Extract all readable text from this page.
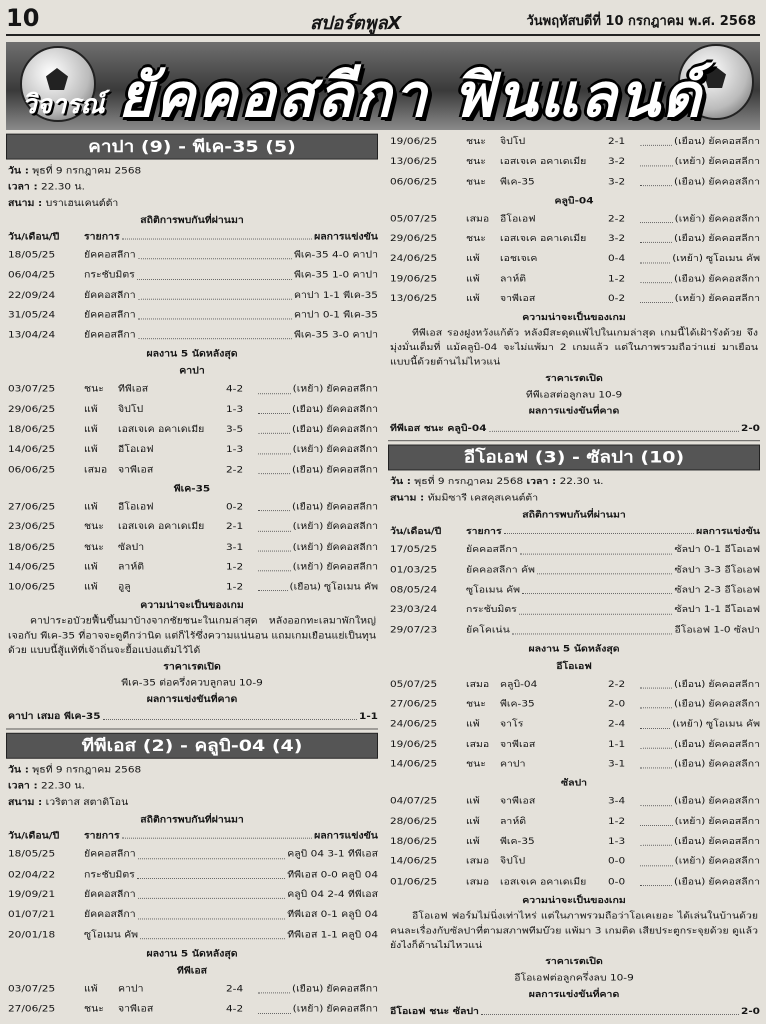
10	สปอร์ตพูลX	วันพฤหัสบดีที่ 10 กรกฎาคม พ.ศ. 2568
วิจารณ์ ยัคคอสลีกา ฟินแลนด์
คาปา (9) - พีเค-35 (5)
วัน : พุธที่ 9 กรกฎาคม 2568
เวลา : 22.30 น.
สนาม : บราเฮนเคนต์ต้า
สถิติการพบกันที่ผ่านมา
วัน/เดือน/ปี	รายการ	ผลการแข่งขัน
18/05/25	ยัคคอสลีกา	พีเค-35 4-0 คาปา
06/04/25	กระชับมิตร	พีเค-35 1-0 คาปา
22/09/24	ยัคคอสลีกา	คาปา 1-1 พีเค-35
31/05/24	ยัคคอสลีกา	คาปา 0-1 พีเค-35
13/04/24	ยัคคอสลีกา	พีเค-35 3-0 คาปา
ผลงาน 5 นัดหลังสุด
คาปา
03/07/25	ชนะ	ทีพีเอส	4-2	(เหย้า) ยัคคอสลีกา
29/06/25	แพ้	จิปโป	1-3	(เยือน) ยัคคอสลีกา
18/06/25	แพ้	เอสเจเค อคาเดเมีย	3-5	(เยือน) ยัคคอสลีกา
14/06/25	แพ้	อีโอเอฟ	1-3	(เหย้า) ยัคคอสลีกา
06/06/25	เสมอ	จาพีเอส	2-2	(เยือน) ยัคคอสลีกา
พีเค-35
27/06/25	แพ้	อีโอเอฟ	0-2	(เยือน) ยัคคอสลีกา
23/06/25	ชนะ	เอสเจเค อคาเดเมีย	2-1	(เหย้า) ยัคคอสลีกา
18/06/25	ชนะ	ซัลปา	3-1	(เหย้า) ยัคคอสลีกา
14/06/25	แพ้	ลาห์ติ	1-2	(เหย้า) ยัคคอสลีกา
10/06/25	แพ้	อูลู	1-2	(เยือน) ซูโอเมน คัพ
ความน่าจะเป็นของเกม
คาปาระอบัวยฟื้นขึ้นมาบ้างจากชัยชนะในเกมล่าสุด หลังออกทะเลมาพักใหญ่ เจอกับ พีเค-35 ที่อาจจะดูดีกว่านิด แต่ก็ไร้ซึ่งความแน่นอน แถมเกมเยือนแย่เป็นทุนด้วย แบบนี้สู้แท้ที่เจ้าถิ่นจะยื้อแบ่งแต้มไว้ได้
ราคาเรตเปิด
พีเค-35 ต่อครึ่งควบลูกลบ 10-9
ผลการแข่งขันที่คาด
คาปา เสมอ พีเค-35	1-1
ทีพีเอส (2) - คลูบิ-04 (4)
วัน : พุธที่ 9 กรกฎาคม 2568
เวลา : 22.30 น.
สนาม : เวริตาส สตาดิโอน
สถิติการพบกันที่ผ่านมา
วัน/เดือน/ปี	รายการ	ผลการแข่งขัน
18/05/25	ยัคคอสลีกา	คลูบิ 04 3-1 ทีพีเอส
02/04/22	กระชับมิตร	ทีพีเอส 0-0 คลูบิ 04
19/09/21	ยัคคอสลีกา	คลูบิ 04 2-4 ทีพีเอส
01/07/21	ยัคคอสลีกา	ทีพีเอส 0-1 คลูบิ 04
20/01/18	ซูโอเมน คัพ	ทีพีเอส 1-1 คลูบิ 04
ผลงาน 5 นัดหลังสุด
ทีพีเอส
03/07/25	แพ้	คาปา	2-4	(เยือน) ยัคคอสลีกา
27/06/25	ชนะ	จาพีเอส	4-2	(เหย้า) ยัคคอสลีกา
19/06/25	ชนะ	จิปโป	2-1	(เยือน) ยัคคอสลีกา
13/06/25	ชนะ	เอสเจเค อคาเดเมีย	3-2	(เหย้า) ยัคคอสลีกา
06/06/25	ชนะ	พีเค-35	3-2	(เยือน) ยัคคอสลีกา
คลูบิ-04
05/07/25	เสมอ	อีโอเอฟ	2-2	(เหย้า) ยัคคอสลีกา
29/06/25	ชนะ	เอสเจเค อคาเดเมีย	3-2	(เยือน) ยัคคอสลีกา
24/06/25	แพ้	เอชเจเค	0-4	(เหย้า) ซูโอเมน คัพ
19/06/25	แพ้	ลาห์ติ	1-2	(เยือน) ยัคคอสลีกา
13/06/25	แพ้	จาพีเอส	0-2	(เหย้า) ยัคคอสลีกา
ความน่าจะเป็นของเกม
ทีพีเอส รองฝูงหวังแก้ตัว หลังมีสะดุดแพ้ไปในเกมล่าสุด เกมนี้ได้เฝ้ารังด้วย จึงมุ่งมั่นเต็มที่ แม้คลูบิ-04 จะไม่แพ้มา 2 เกมแล้ว แต่ในภาพรวมถือว่าแย่ มาเยือนแบบนี้ด้วยต้านไม่ไหวแน่
ราคาเรตเปิด
ทีพีเอสต่อลูกลบ 10-9
ผลการแข่งขันที่คาด
ทีพีเอส ชนะ คลูบิ-04	2-0
อีโอเอฟ (3) - ซัลปา (10)
วัน : พุธที่ 9 กรกฎาคม 2568 เวลา : 22.30 น.
สนาม : ทัมมิซารี เคสคุสเคนต์ต้า
สถิติการพบกันที่ผ่านมา
วัน/เดือน/ปี	รายการ	ผลการแข่งขัน
17/05/25	ยัคคอสลีกา	ซัลปา 0-1 อีโอเอฟ
01/03/25	ยัคคอสลีกา คัพ	ซัลปา 3-3 อีโอเอฟ
08/05/24	ซูโอเมน คัพ	ซัลปา 2-3 อีโอเอฟ
23/03/24	กระชับมิตร	ซัลปา 1-1 อีโอเอฟ
29/07/23	ยัคโคเน่น	อีโอเอฟ 1-0 ซัลปา
ผลงาน 5 นัดหลังสุด
อีโอเอฟ
05/07/25	เสมอ	คลูบิ-04	2-2	(เยือน) ยัคคอสลีกา
27/06/25	ชนะ	พีเค-35	2-0	(เยือน) ยัคคอสลีกา
24/06/25	แพ้	จาโร	2-4	(เหย้า) ซูโอเมน คัพ
19/06/25	เสมอ	จาพีเอส	1-1	(เยือน) ยัคคอสลีกา
14/06/25	ชนะ	คาปา	3-1	(เยือน) ยัคคอสลีกา
ซัลปา
04/07/25	แพ้	จาพีเอส	3-4	(เยือน) ยัคคอสลีกา
28/06/25	แพ้	ลาห์ติ	1-2	(เหย้า) ยัคคอสลีกา
18/06/25	แพ้	พีเค-35	1-3	(เยือน) ยัคคอสลีกา
14/06/25	เสมอ	จิปโป	0-0	(เหย้า) ยัคคอสลีกา
01/06/25	เสมอ	เอสเจเค อคาเดเมีย	0-0	(เยือน) ยัคคอสลีกา
ความน่าจะเป็นของเกม
อีโอเอฟ ฟอร์มไม่นิ่งเท่าไหร่ แต่ในภาพรวมถือว่าโอเคเยอะ ได้เล่นในบ้านด้วย คนละเรื่องกับซัลปาที่ตามสภาพทีมบ๊วย แพ้มา 3 เกมติด เสียประตูกระจุยด้วย ดูแล้วยังไงก็ต้านไม่ไหวแน่
ราคาเรตเปิด
อีโอเอฟต่อลูกครึ่งลบ 10-9
ผลการแข่งขันที่คาด
อีโอเอฟ ชนะ ซัลปา	2-0
